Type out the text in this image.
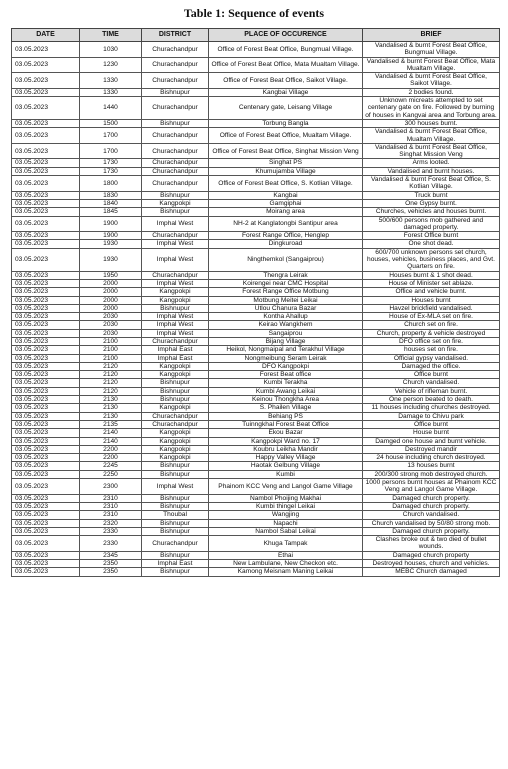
Table 1: Sequence of events
DATE	TIME	DISTRICT	PLACE OF OCCURENCE	BRIEF
03.05.2023	1030	Churachandpur	Office of Forest Beat Office, Bungmual Village.	Vandalised & burnt Forest Beat Office, Bungmual Village.
03.05.2023	1230	Churachandpur	Office of Forest Beat Office, Mata Mualtam Village.	Vandalised & burnt Forest Beat Office, Mata Mualtam Village.
03.05.2023	1330	Churachandpur	Office of Forest Beat Office, Saikot Village.	Vandalised & burnt Forest Beat Office, Saikot Village.
03.05.2023	1330	Bishnupur	Kangbai Village	2 bodies found.
03.05.2023	1440	Churachandpur	Centenary gate, Leisang Village	Unknown micreats attempted to set centenary gate on fire. Followed by burning of houses in Kangvai area and Torbung area.
03.05.2023	1500	Bishnupur	Torbung Bangla	300 houses burnt.
03.05.2023	1700	Churachandpur	Office of Forest Beat Office, Mualtam Village.	Vandalised & burnt Forest Beat Office, Mualtam Village.
03.05.2023	1700	Churachandpur	Office of Forest Beat Office, Singhat Mission Veng	Vandalised & burnt Forest Beat Office, Singhat Mission Veng
03.05.2023	1730	Churachandpur	Singhat PS	Arms looted.
03.05.2023	1730	Churachandpur	Khumujamba Village	Vandalised and burnt houses.
03.05.2023	1800	Churachandpur	Office of Forest Beat Office, S. Kotlian Village.	Vandalised & burnt Forest Beat Office, S. Kotlian Village.
03.05.2023	1830	Bishnupur	Kangbai	Truck burnt
03.05.2023	1840	Kangpokpi	Gamgiphai	One Gypsy burnt.
03.05.2023	1845	Bishnupur	Moirang area	Churches, vehicles and houses burnt.
03.05.2023	1900	Imphal West	NH-2 at Kanglatongbi Santipur area	500/600 persons mob gathered and damaged property.
03.05.2023	1900	Churachandpur	Forest Range Office, Henglep	Forest Office burnt
03.05.2023	1930	Imphal West	Dingkuroad	One shot dead.
03.05.2023	1930	Imphal West	Ningthemkol (Sangaiprou)	600/700 unknown persons set church, houses, vehicles, business places, and Gvt. Quarters on fire.
03.05.2023	1950	Churachandpur	Thengra Leirak	Houses burnt & 1 shot dead.
03.05.2023	2000	Imphal West	Koirengei near CMC Hospital	House of Minister set ablaze.
03.05.2023	2000	Kangpokpi	Forest Range Office Motbung	Office and vehicle burnt.
03.05.2023	2000	Kangpokpi	Motbung Meitei Leikai	Houses burnt
03.05.2023	2000	Bishnupur	Utlou Chanura Bazar	Havzel brickfield vandalised.
03.05.2023	2030	Imphal West	Kontha Ahallup	House of Ex-MLA set on fire.
03.05.2023	2030	Imphal West	Keirao Wangkhem	Church set on fire.
03.05.2023	2030	Imphal West	Sangaiprou	Church, property & vehicle destroyed
03.05.2023	2100	Churachandpur	Bijang Village	DFO office set on fire.
03.05.2023	2100	Imphal East	Heikol, Nongmaipal and Terakhul Village	houses set on fire.
03.05.2023	2100	Imphal East	Nongmeibung Seram Leirak	Official gypsy vandalised.
03.05.2023	2120	Kangpokpi	DFO Kangpokpi	Damaged the office.
03.05.2023	2120	Kangpokpi	Forest Beat office	Office burnt
03.05.2023	2120	Bishnupur	Kumbi Terakha	Church vandalised.
03.05.2023	2120	Bishnupur	Kumbi Awang Leikai	Vehicle of rifleman burnt.
03.05.2023	2130	Bishnupur	Keinou Thongkha Area	One person beated to death.
03.05.2023	2130	Kangpokpi	S. Phailen Village	11 houses including churches destroyed.
03.05.2023	2130	Churachandpur	Behiang PS	Damage to Chivu park
03.05.2023	2135	Churachandpur	Tuinngkhal Forest Beat Office	Office burnt
03.05.2023	2140	Kangpokpi	Ekou Bazar	House burnt
03.05.2023	2140	Kangpokpi	Kangpokpi Ward no. 17	Damged one house and burnt vehicle.
03.05.2023	2200	Kangpokpi	Koubru Leikha Mandir	Destroyed mandir
03.05.2023	2200	Kangpokpi	Happy Valley Village	24 house including church destroyed.
03.05.2023	2245	Bishnupur	Haotak Gelbung Village	13 houses burnt
03.05.2023	2250	Bishnupur	Kumbi	200/300 strong mob destroyed church.
03.05.2023	2300	Imphal West	Phainom KCC Veng and Langol Game Village	1000 persons burnt houses at Phainom KCC Veng and Langol Game Village.
03.05.2023	2310	Bishnupur	Nambol Phoijing Makhai	Damaged church property.
03.05.2023	2310	Bishnupur	Kumbi thingel Leikai	Damaged church property.
03.05.2023	2310	Thoubal	Wangjing	Church vandalised.
03.05.2023	2320	Bishnupur	Napachi	Church vandalised by 50/80 strong mob.
03.05.2023	2330	Bishnupur	Nambol Sabal Leikai	Damaged church property.
03.05.2023	2330	Churachandpur	Khuga Tampak	Clashes broke out & two died of bullet wounds.
03.05.2023	2345	Bishnupur	Ethai	Damaged church property
03.05.2023	2350	Imphal East	New Lambulane, New Checkon etc.	Destroyed houses, church and vehicles.
03.05.2023	2350	Bishnupur	Kamong Meisnam Maning Leikai	MEBC Church damaged
